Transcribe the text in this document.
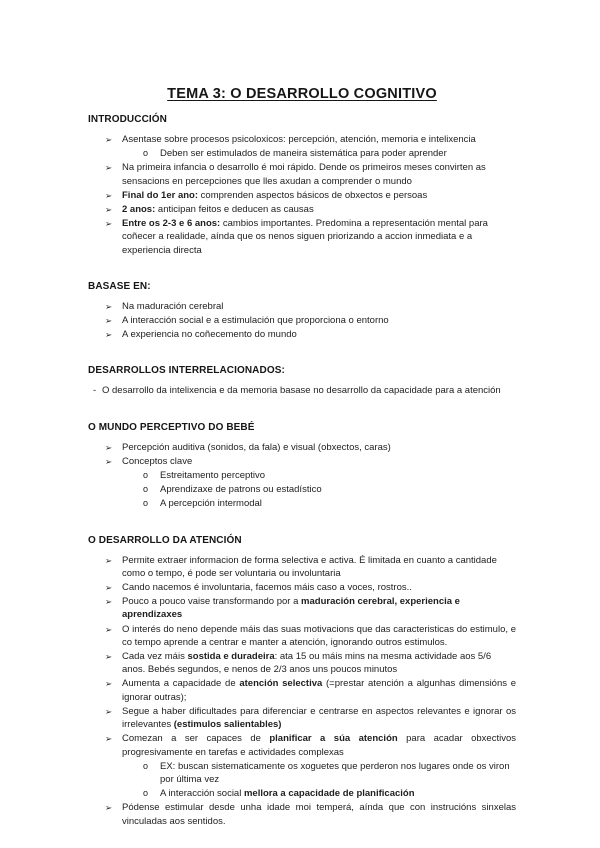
TEMA 3: O DESARROLLO COGNITIVO
INTRODUCCIÓN
➢	Asentase sobre procesos psicoloxicos: percepción, atención, memoria e intelixencia
o	Deben ser estimulados de maneira sistemática para poder aprender
➢	Na primeira infancia o desarrollo é moi rápido. Dende os primeiros meses convirten as sensacions en percepciones que lles axudan a comprender o mundo
➢	Final do 1er ano: comprenden aspectos básicos de obxectos e persoas
➢	2 anos: anticipan feitos e deducen as causas
➢	Entre os 2-3 e 6 anos: cambios importantes. Predomina a representación mental para coñecer a realidade, aínda que os nenos siguen priorizando a accion inmediata e a experiencia directa
BASASE EN:
➢	Na maduración cerebral
➢	A interacción social e a estimulación que proporciona o entorno
➢	A experiencia no coñecemento do mundo
DESARROLLOS INTERRELACIONADOS:
- O desarrollo da intelixencia e da memoria basase no desarrollo da capacidade para a atención
O MUNDO PERCEPTIVO DO BEBÉ
➢	Percepción auditiva (sonidos, da fala) e visual (obxectos, caras)
➢	Conceptos clave
o	Estreitamento perceptivo
o	Aprendizaxe de patrons ou estadístico
o	A percepción intermodal
O DESARROLLO DA ATENCIÓN
➢	Permite extraer informacion de forma selectiva e activa. É limitada en cuanto a cantidade como o tempo, é pode ser voluntaria ou involuntaria
➢	Cando nacemos é involuntaria, facemos máis caso a voces, rostros..
➢	Pouco a pouco vaise transformando por a maduración cerebral, experiencia e aprendizaxes
➢	O interés do neno depende máis das suas motivacions que das caracteristicas do estimulo, e co tempo aprende a centrar e manter a atención, ignorando outros estimulos.
➢	Cada vez máis sostida e duradeira: ata 15 ou máis mins na mesma actividade aos 5/6 anos. Bebés segundos, e nenos de 2/3 anos uns poucos minutos
➢	Aumenta a capacidade de atención selectiva (=prestar atención a algunhas dimensións e ignorar outras);
➢	Segue a haber dificultades para diferenciar e centrarse en aspectos relevantes e ignorar os irrelevantes (estimulos salientables)
➢	Comezan a ser capaces de planificar a súa atención para acadar obxectivos progresivamente en tarefas e actividades complexas
o	EX: buscan sistematicamente os xoguetes que perderon nos lugares onde os viron por última vez
o	A interacción social mellora a capacidade de planificación
➢	Pódense estimular desde unha idade moi temperá, aínda que con instrucións sinxelas vinculadas aos sentidos.
